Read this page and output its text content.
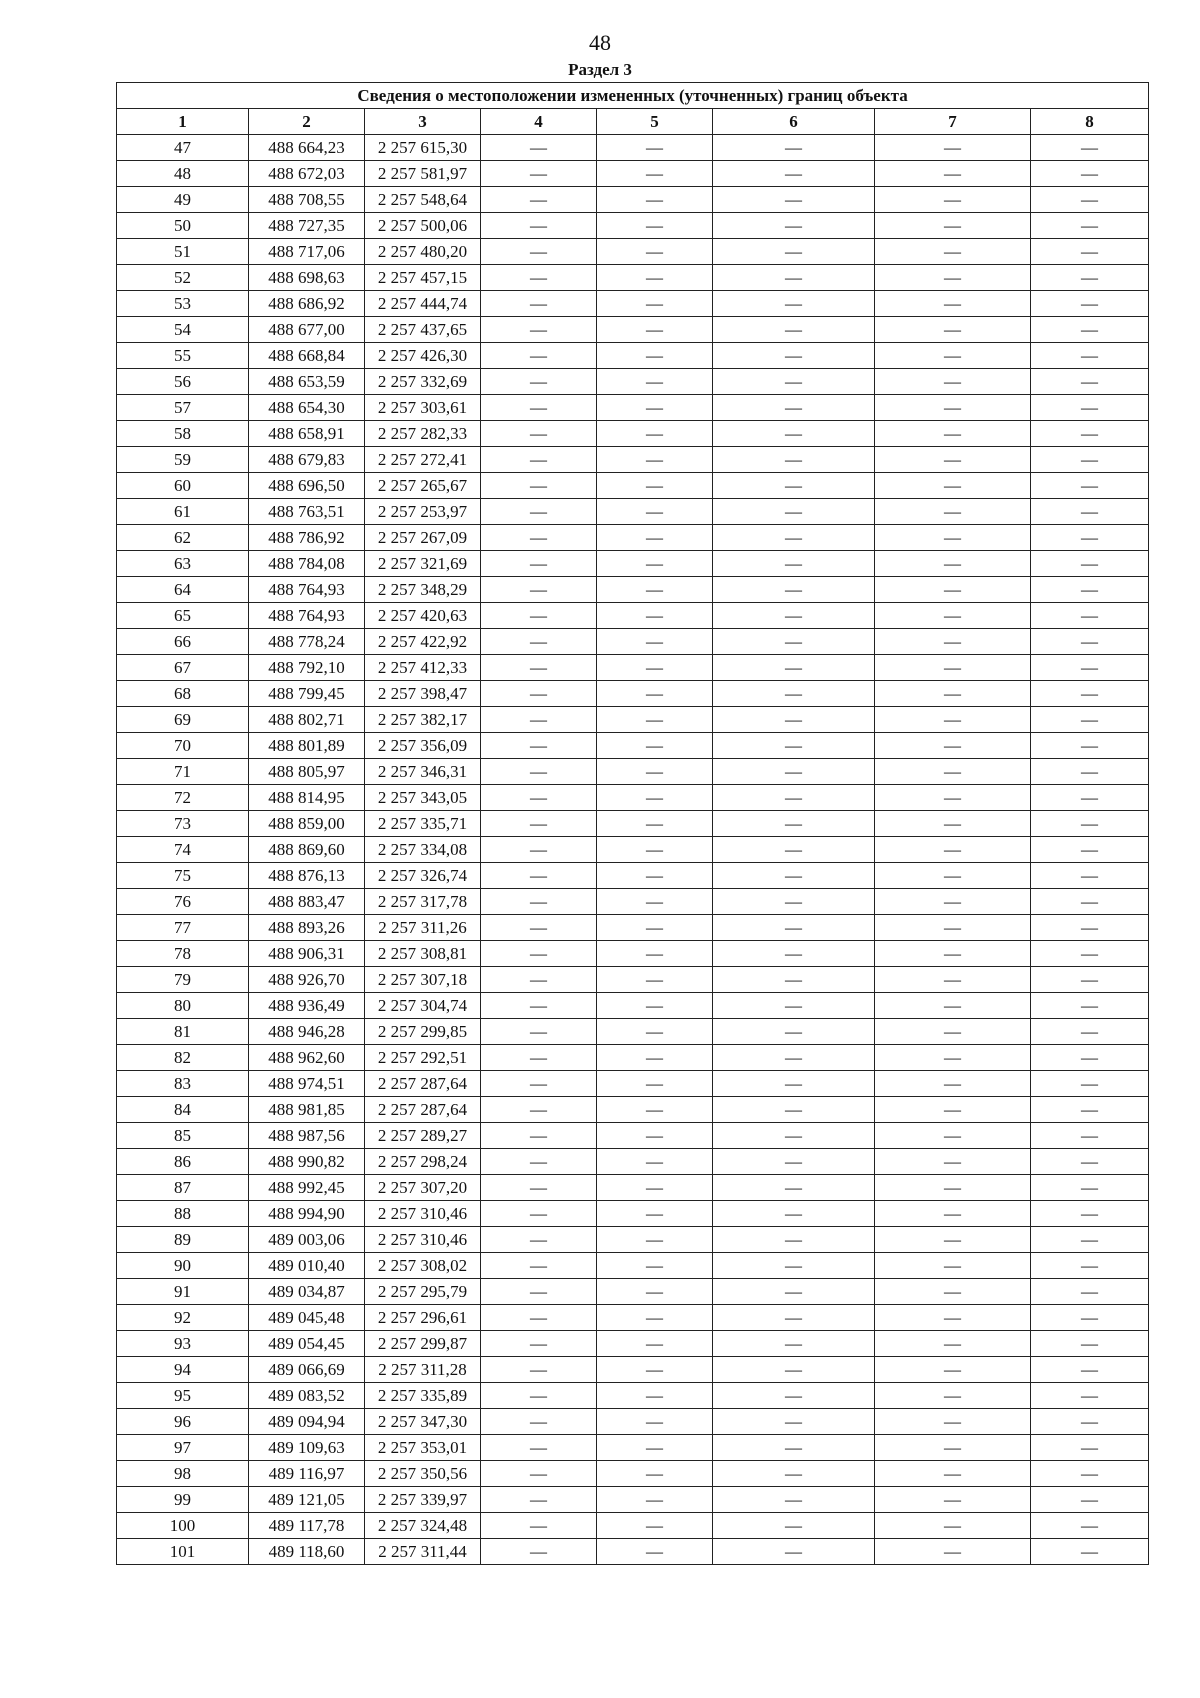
48
Раздел 3
Сведения о местоположении измененных (уточненных) границ объекта							
1	2	3	4	5	6	7	8
47	488 664,23	2 257 615,30	—	—	—	—	—
48	488 672,03	2 257 581,97	—	—	—	—	—
49	488 708,55	2 257 548,64	—	—	—	—	—
50	488 727,35	2 257 500,06	—	—	—	—	—
51	488 717,06	2 257 480,20	—	—	—	—	—
52	488 698,63	2 257 457,15	—	—	—	—	—
53	488 686,92	2 257 444,74	—	—	—	—	—
54	488 677,00	2 257 437,65	—	—	—	—	—
55	488 668,84	2 257 426,30	—	—	—	—	—
56	488 653,59	2 257 332,69	—	—	—	—	—
57	488 654,30	2 257 303,61	—	—	—	—	—
58	488 658,91	2 257 282,33	—	—	—	—	—
59	488 679,83	2 257 272,41	—	—	—	—	—
60	488 696,50	2 257 265,67	—	—	—	—	—
61	488 763,51	2 257 253,97	—	—	—	—	—
62	488 786,92	2 257 267,09	—	—	—	—	—
63	488 784,08	2 257 321,69	—	—	—	—	—
64	488 764,93	2 257 348,29	—	—	—	—	—
65	488 764,93	2 257 420,63	—	—	—	—	—
66	488 778,24	2 257 422,92	—	—	—	—	—
67	488 792,10	2 257 412,33	—	—	—	—	—
68	488 799,45	2 257 398,47	—	—	—	—	—
69	488 802,71	2 257 382,17	—	—	—	—	—
70	488 801,89	2 257 356,09	—	—	—	—	—
71	488 805,97	2 257 346,31	—	—	—	—	—
72	488 814,95	2 257 343,05	—	—	—	—	—
73	488 859,00	2 257 335,71	—	—	—	—	—
74	488 869,60	2 257 334,08	—	—	—	—	—
75	488 876,13	2 257 326,74	—	—	—	—	—
76	488 883,47	2 257 317,78	—	—	—	—	—
77	488 893,26	2 257 311,26	—	—	—	—	—
78	488 906,31	2 257 308,81	—	—	—	—	—
79	488 926,70	2 257 307,18	—	—	—	—	—
80	488 936,49	2 257 304,74	—	—	—	—	—
81	488 946,28	2 257 299,85	—	—	—	—	—
82	488 962,60	2 257 292,51	—	—	—	—	—
83	488 974,51	2 257 287,64	—	—	—	—	—
84	488 981,85	2 257 287,64	—	—	—	—	—
85	488 987,56	2 257 289,27	—	—	—	—	—
86	488 990,82	2 257 298,24	—	—	—	—	—
87	488 992,45	2 257 307,20	—	—	—	—	—
88	488 994,90	2 257 310,46	—	—	—	—	—
89	489 003,06	2 257 310,46	—	—	—	—	—
90	489 010,40	2 257 308,02	—	—	—	—	—
91	489 034,87	2 257 295,79	—	—	—	—	—
92	489 045,48	2 257 296,61	—	—	—	—	—
93	489 054,45	2 257 299,87	—	—	—	—	—
94	489 066,69	2 257 311,28	—	—	—	—	—
95	489 083,52	2 257 335,89	—	—	—	—	—
96	489 094,94	2 257 347,30	—	—	—	—	—
97	489 109,63	2 257 353,01	—	—	—	—	—
98	489 116,97	2 257 350,56	—	—	—	—	—
99	489 121,05	2 257 339,97	—	—	—	—	—
100	489 117,78	2 257 324,48	—	—	—	—	—
101	489 118,60	2 257 311,44	—	—	—	—	—
